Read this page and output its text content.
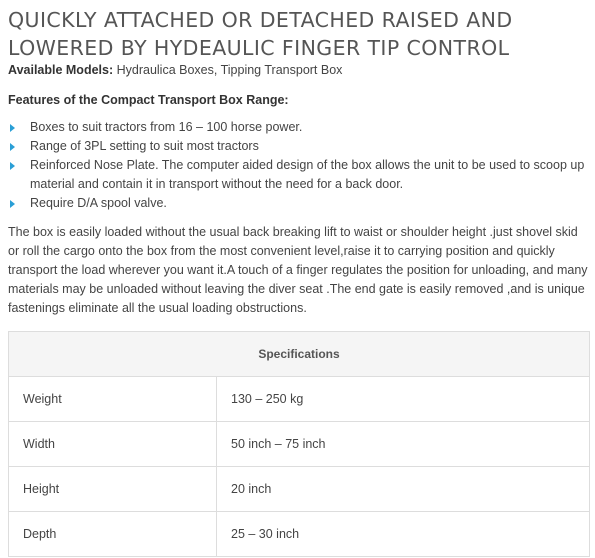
QUICKLY ATTACHED OR DETACHED RAISED AND LOWERED BY HYDEAULIC FINGER TIP CONTROL
Available Models: Hydraulica Boxes, Tipping Transport Box
Features of the Compact Transport Box Range:
Boxes to suit tractors from 16 – 100 horse power.
Range of 3PL setting to suit most tractors
Reinforced Nose Plate. The computer aided design of the box allows the unit to be used to scoop up material and contain it in transport without the need for a back door.
Require D/A spool valve.

The box is easily loaded without the usual back breaking lift to waist or shoulder height .just shovel skid or roll the cargo onto the box from the most convenient level,raise it to carrying position and quickly transport the load wherever you want it.A touch of a finger regulates the position for unloading, and many materials may be unloaded without leaving the diver seat .The end gate is easily removed ,and is unique fastenings eliminate all the usual loading obstructions.

Specifications	
Weight	130 – 250 kg
Width	50 inch – 75 inch
Height	20 inch
Depth	25 – 30 inch
